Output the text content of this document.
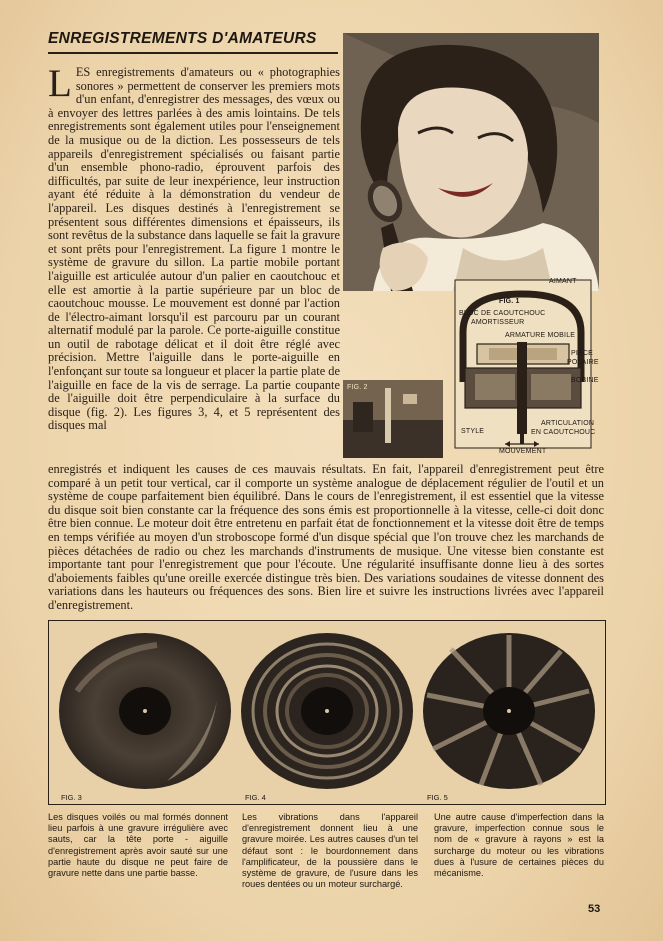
ENREGISTREMENTS D'AMATEURS
LES enregistrements d'amateurs ou « photographies sonores » permettent de conserver les premiers mots d'un enfant, d'enregistrer des messages, des vœux ou à envoyer des lettres parlées à des amis lointains. De tels enregistrements sont également utiles pour l'enseignement de la musique ou de la diction. Les possesseurs de tels appareils d'enregistrement spécialisés ou faisant partie d'un ensemble phono-radio, éprouvent parfois des difficultés, par suite de leur inexpérience, leur instruction ayant été réduite à la démonstration du vendeur de l'appareil. Les disques destinés à l'enregistrement se présentent sous différentes dimensions et épaisseurs, ils sont revêtus de la substance dans laquelle se fait la gravure et sont prêts pour l'enregistrement. La figure 1 montre le système de gravure du sillon. La partie mobile portant l'aiguille est articulée autour d'un palier en caoutchouc et elle est amortie à la partie supérieure par un bloc de caoutchouc mousse. Le mouvement est donné par l'action de l'électro-aimant lorsqu'il est parcouru par un courant alternatif modulé par la parole. Ce porte-aiguille constitue un outil de rabotage délicat et il doit être réglé avec précision. Mettre l'aiguille dans le porte-aiguille en l'enfonçant sur toute sa longueur et placer la partie plate de l'aiguille en face de la vis de serrage. La partie coupante de l'aiguille doit être perpendiculaire à la surface du disque (fig. 2). Les figures 3, 4, et 5 représentent des disques mal
FIG. 2
AIMANT
FIG. 1
BLOC DE CAOUTCHOUC
AMORTISSEUR
ARMATURE MOBILE
PIÈCE
POLAIRE
BOBINE
ARTICULATION
EN CAOUTCHOUC
STYLE
MOUVEMENT
enregistrés et indiquent les causes de ces mauvais résultats. En fait, l'appareil d'enregistrement peut être comparé à un petit tour vertical, car il comporte un système analogue de déplacement régulier de l'outil et un système de coupe parfaitement bien équilibré. Dans le cours de l'enregistrement, il est essentiel que la vitesse du disque soit bien constante car la fréquence des sons émis est proportionnelle à la vitesse, celle-ci doit donc être bien connue. Le moteur doit être entretenu en parfait état de fonctionnement et la vitesse doit être de temps en temps vérifiée au moyen d'un stroboscope formé d'un disque spécial que l'on trouve chez les marchands de pièces détachées de radio ou chez les marchands d'instruments de musique. Une vitesse bien constante est importante tant pour l'enregistrement que pour l'écoute. Une régularité insuffisante donne lieu à des sortes d'aboiements faibles qu'une oreille exercée distingue très bien. Des variations soudaines de vitesse donnent des variations dans les hauteurs ou fréquences des sons. Bien lire et suivre les instructions livrées avec l'appareil d'enregistrement.
FIG. 3	FIG. 4	FIG. 5
Les disques voilés ou mal formés donnent lieu parfois à une gravure irrégulière avec sauts, car la tête porte - aiguille d'enregistrement après avoir sauté sur une partie haute du disque ne peut faire de gravure nette dans une partie basse.
Les vibrations dans l'appareil d'enregistrement donnent lieu à une gravure moirée. Les autres causes d'un tel défaut sont : le bourdonnement dans l'amplificateur, de la poussière dans le système de gravure, de l'usure dans les roues dentées ou un moteur surchargé.
Une autre cause d'imperfection dans la gravure, imperfection connue sous le nom de « gravure à rayons » est la surcharge du moteur ou les vibrations dues à l'usure de certaines pièces du mécanisme.
53
